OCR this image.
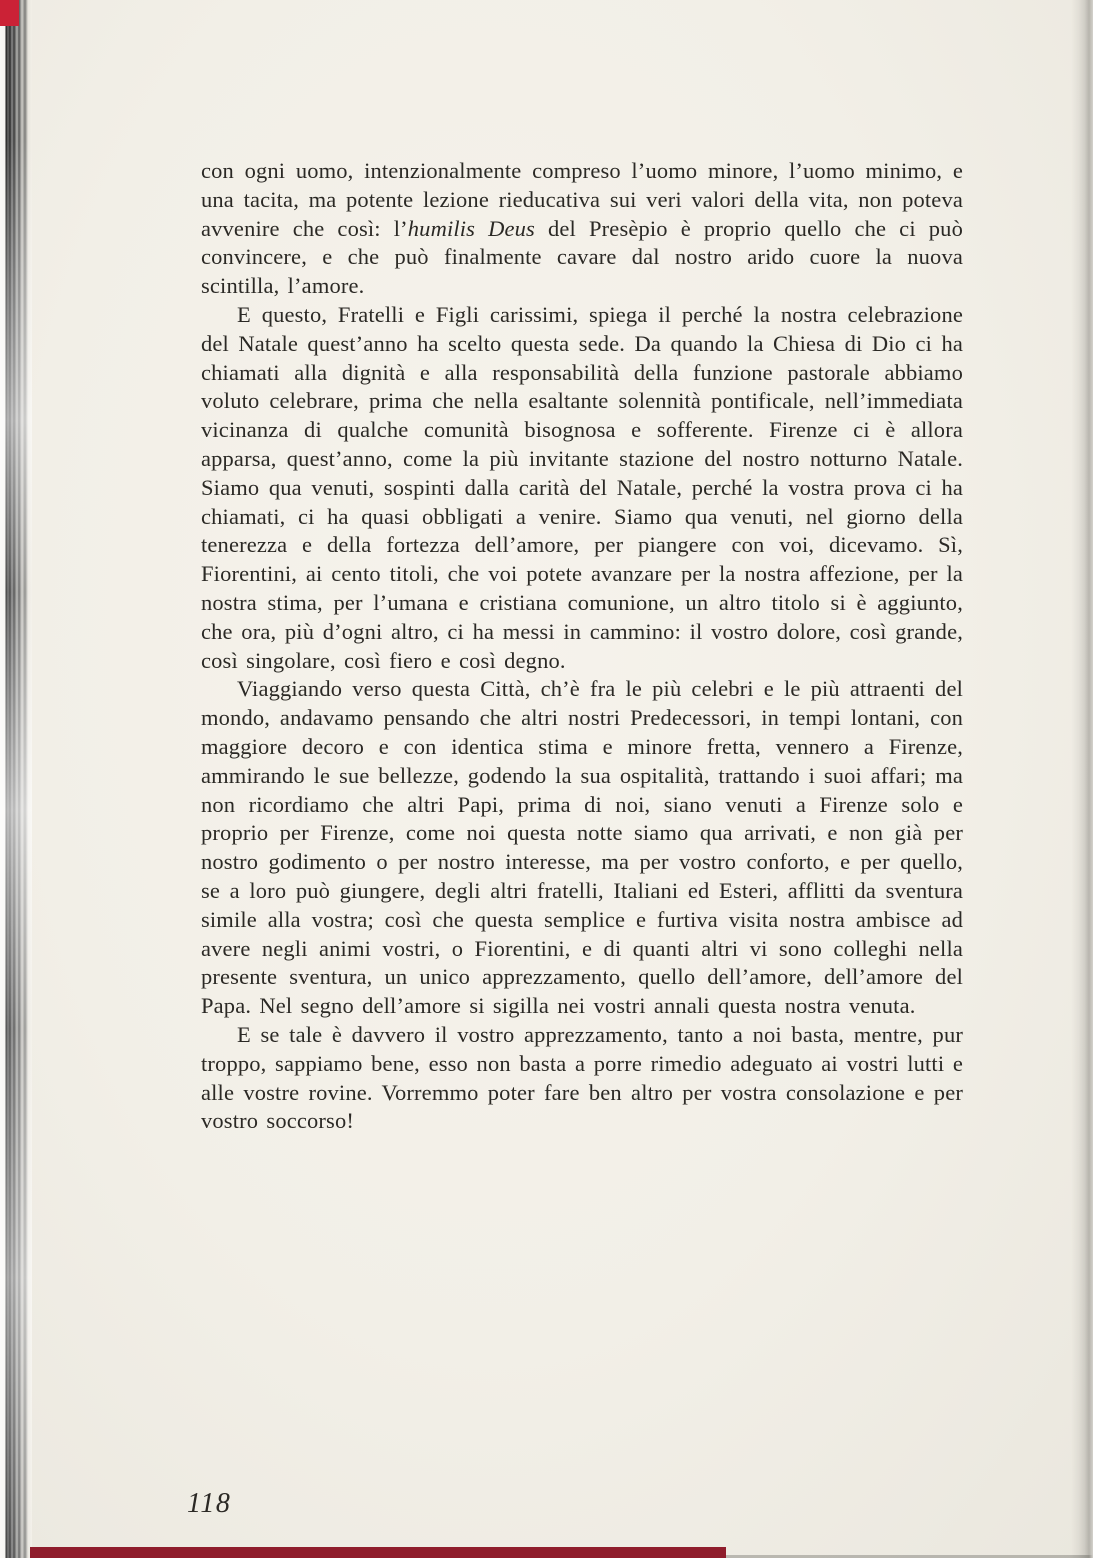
con ogni uomo, intenzionalmente compreso l’uomo minore, l’uomo minimo, e una tacita, ma potente lezione rieducativa sui veri valori della vita, non poteva avvenire che così: l’humilis Deus del Presèpio è proprio quello che ci può convincere, e che può finalmente cavare dal nostro arido cuore la nuova scintilla, l’amore.

E questo, Fratelli e Figli carissimi, spiega il perché la nostra celebrazione del Natale quest’anno ha scelto questa sede. Da quando la Chiesa di Dio ci ha chiamati alla dignità e alla responsabilità della funzione pastorale abbiamo voluto celebrare, prima che nella esaltante solennità pontificale, nell’immediata vicinanza di qualche comunità bisognosa e sofferente. Firenze ci è allora apparsa, quest’anno, come la più invitante stazione del nostro notturno Natale. Siamo qua venuti, sospinti dalla carità del Natale, perché la vostra prova ci ha chiamati, ci ha quasi obbligati a venire. Siamo qua venuti, nel giorno della tenerezza e della fortezza dell’amore, per piangere con voi, dicevamo. Sì, Fiorentini, ai cento titoli, che voi potete avanzare per la nostra affezione, per la nostra stima, per l’umana e cristiana comunione, un altro titolo si è aggiunto, che ora, più d’ogni altro, ci ha messi in cammino: il vostro dolore, così grande, così singolare, così fiero e così degno.

Viaggiando verso questa Città, ch’è fra le più celebri e le più attraenti del mondo, andavamo pensando che altri nostri Predecessori, in tempi lontani, con maggiore decoro e con identica stima e minore fretta, vennero a Firenze, ammirando le sue bellezze, godendo la sua ospitalità, trattando i suoi affari; ma non ricordiamo che altri Papi, prima di noi, siano venuti a Firenze solo e proprio per Firenze, come noi questa notte siamo qua arrivati, e non già per nostro godimento o per nostro interesse, ma per vostro conforto, e per quello, se a loro può giungere, degli altri fratelli, Italiani ed Esteri, afflitti da sventura simile alla vostra; così che questa semplice e furtiva visita nostra ambisce ad avere negli animi vostri, o Fiorentini, e di quanti altri vi sono colleghi nella presente sventura, un unico apprezzamento, quello dell’amore, dell’amore del Papa. Nel segno dell’amore si sigilla nei vostri annali questa nostra venuta.

E se tale è davvero il vostro apprezzamento, tanto a noi basta, mentre, pur troppo, sappiamo bene, esso non basta a porre rimedio adeguato ai vostri lutti e alle vostre rovine. Vorremmo poter fare ben altro per vostra consolazione e per vostro soccorso!

118
